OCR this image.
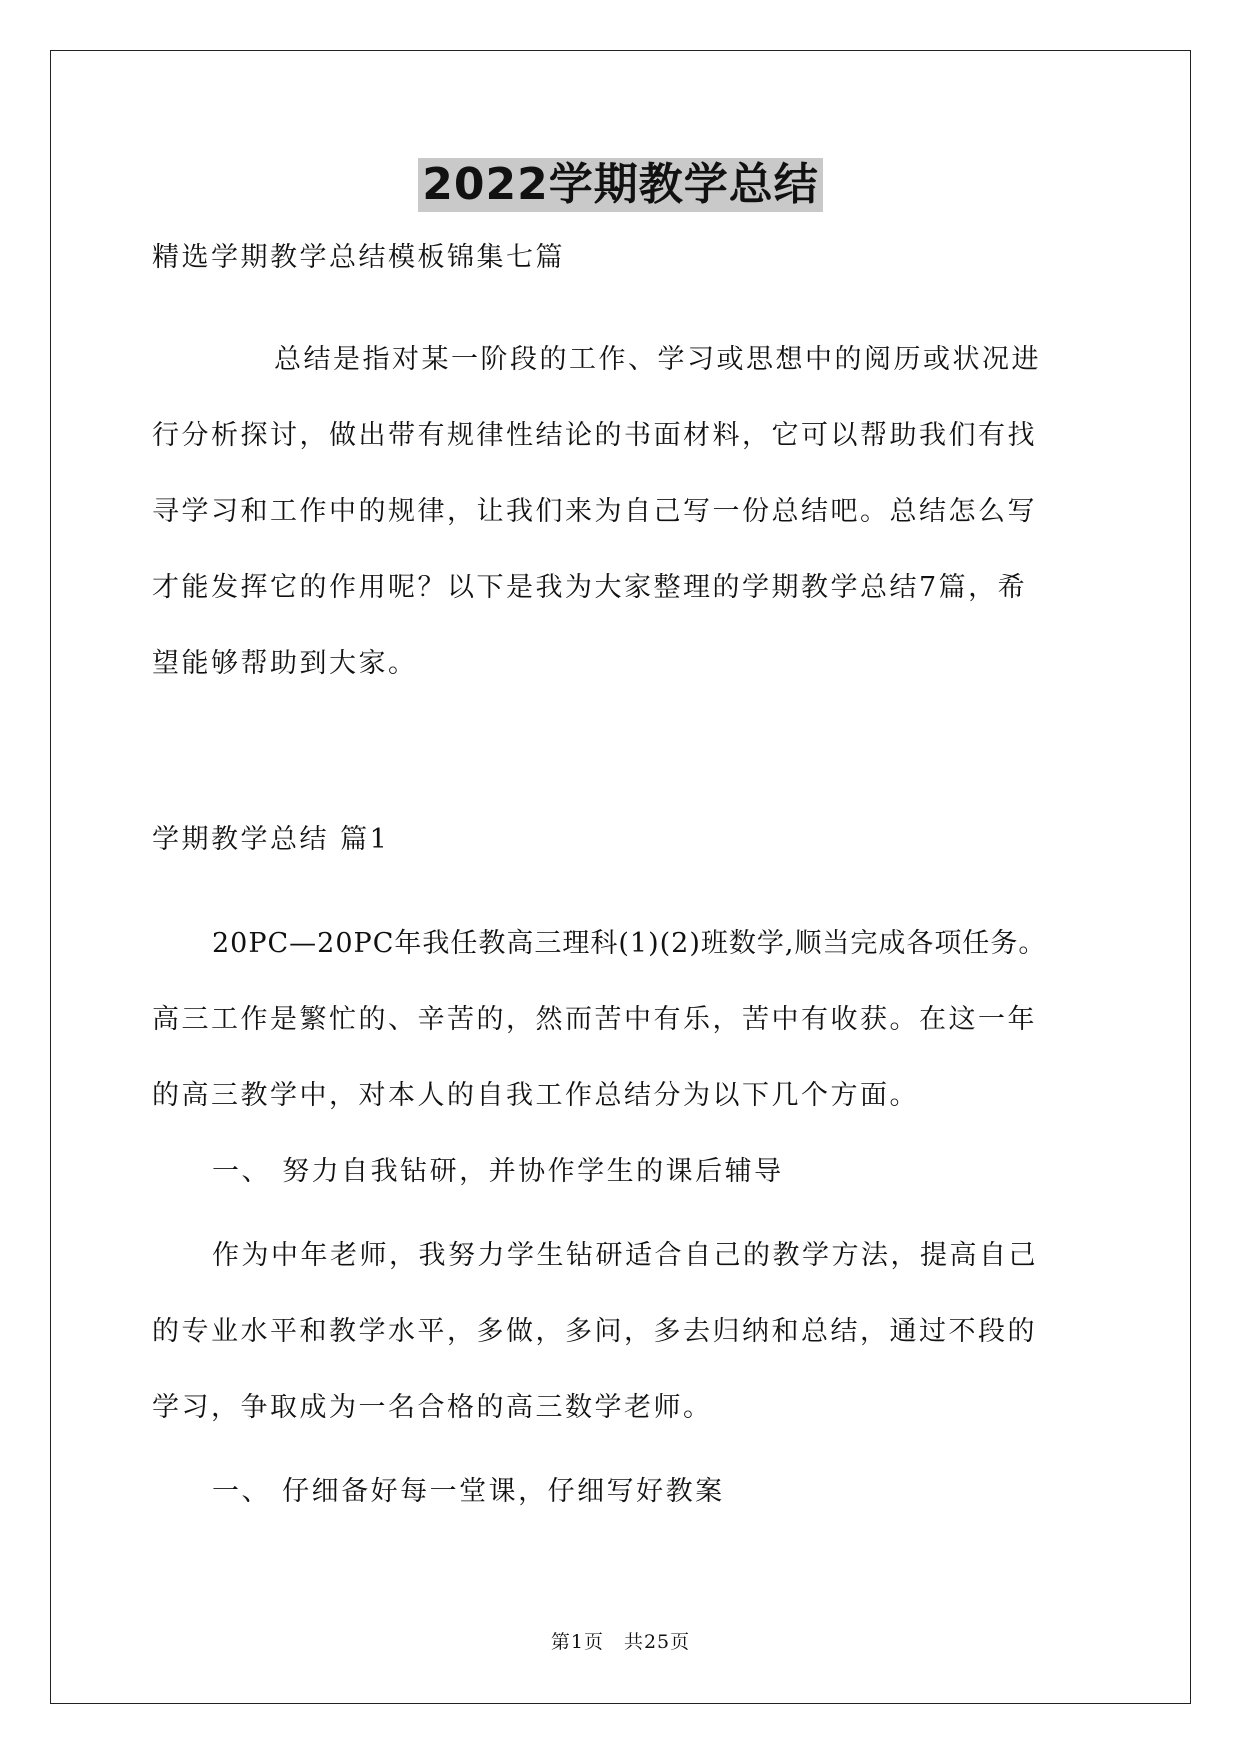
2022学期教学总结
精选学期教学总结模板锦集七篇
总结是指对某一阶段的工作、学习或思想中的阅历或状况进
行分析探讨，做出带有规律性结论的书面材料，它可以帮助我们有找
寻学习和工作中的规律，让我们来为自己写一份总结吧。总结怎么写
才能发挥它的作用呢？以下是我为大家整理的学期教学总结7篇，希
望能够帮助到大家。
学期教学总结 篇1
20PC—20PC年我任教高三理科(1)(2)班数学,顺当完成各项任务。
高三工作是繁忙的、辛苦的，然而苦中有乐，苦中有收获。在这一年
的高三教学中，对本人的自我工作总结分为以下几个方面。
一、 努力自我钻研，并协作学生的课后辅导
作为中年老师，我努力学生钻研适合自己的教学方法，提高自己
的专业水平和教学水平，多做，多问，多去归纳和总结，通过不段的
学习，争取成为一名合格的高三数学老师。
一、 仔细备好每一堂课，仔细写好教案
第1页　共25页
